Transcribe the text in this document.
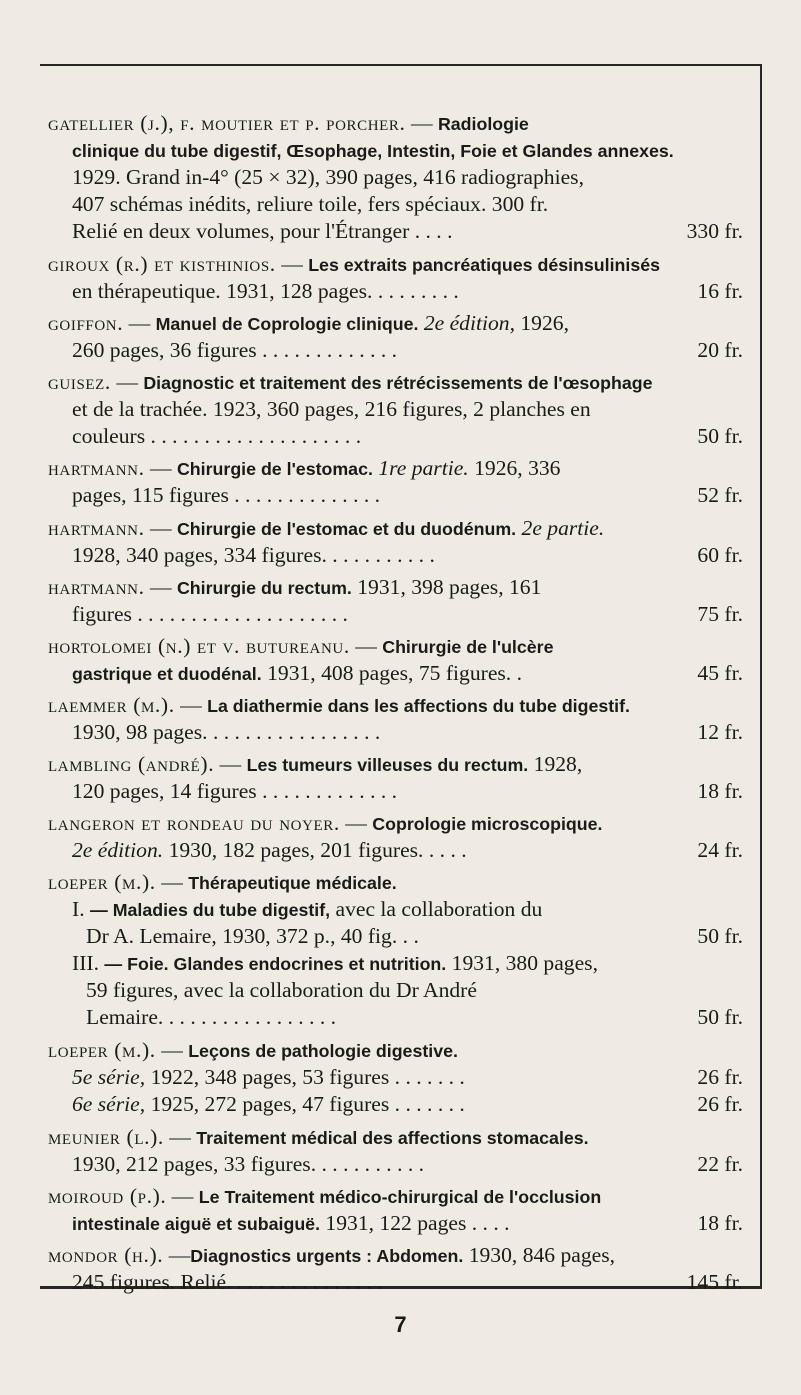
gatellier (j.), f. moutier et p. porcher. — Radiologie
clinique du tube digestif, Œsophage, Intestin, Foie et Glandes annexes.
1929. Grand in-4° (25 × 32), 390 pages, 416 radiographies,
407 schémas inédits, reliure toile, fers spéciaux. 300 fr.
Relié en deux volumes, pour l'Étranger . . . .	330 fr.
giroux (r.) et kisthinios. — Les extraits pancréatiques désinsulinisés
en thérapeutique. 1931, 128 pages. . . . . . . . .	16 fr.
goiffon. — Manuel de Coprologie clinique. 2e édition, 1926,
260 pages, 36 figures . . . . . . . . . . . . .	20 fr.
guisez. — Diagnostic et traitement des rétrécissements de l'œsophage
et de la trachée. 1923, 360 pages, 216 figures, 2 planches en
couleurs . . . . . . . . . . . . . . . . . . . .	50 fr.
hartmann. — Chirurgie de l'estomac. 1re partie. 1926, 336
pages, 115 figures . . . . . . . . . . . . . .	52 fr.
hartmann. — Chirurgie de l'estomac et du duodénum. 2e partie.
1928, 340 pages, 334 figures. . . . . . . . . . .	60 fr.
hartmann. — Chirurgie du rectum. 1931, 398 pages, 161
figures . . . . . . . . . . . . . . . . . . . .	75 fr.
hortolomei (n.) et v. butureanu. — Chirurgie de l'ulcère
gastrique et duodénal. 1931, 408 pages, 75 figures. .	45 fr.
laemmer (m.). — La diathermie dans les affections du tube digestif.
1930, 98 pages. . . . . . . . . . . . . . . . .	12 fr.
lambling (andré). — Les tumeurs villeuses du rectum. 1928,
120 pages, 14 figures . . . . . . . . . . . . .	18 fr.
langeron et rondeau du noyer. — Coprologie microscopique.
2e édition. 1930, 182 pages, 201 figures. . . . .	24 fr.
loeper (m.). — Thérapeutique médicale.
I. — Maladies du tube digestif, avec la collaboration du
Dr A. Lemaire, 1930, 372 p., 40 fig. . .	50 fr.
III. — Foie. Glandes endocrines et nutrition. 1931, 380 pages,
59 figures, avec la collaboration du Dr André
Lemaire. . . . . . . . . . . . . . . . .	50 fr.
loeper (m.). — Leçons de pathologie digestive.
5e série, 1922, 348 pages, 53 figures . . . . . . .	26 fr.
6e série, 1925, 272 pages, 47 figures . . . . . . .	26 fr.
meunier (l.). — Traitement médical des affections stomacales.
1930, 212 pages, 33 figures. . . . . . . . . . .	22 fr.
moiroud (p.). — Le Traitement médico-chirurgical de l'occlusion
intestinale aiguë et subaiguë. 1931, 122 pages . . . .	18 fr.
mondor (h.). —Diagnostics urgents : Abdomen. 1930, 846 pages,
245 figures. Relié. . . . . . . . . . . . . . .	145 fr.
7
